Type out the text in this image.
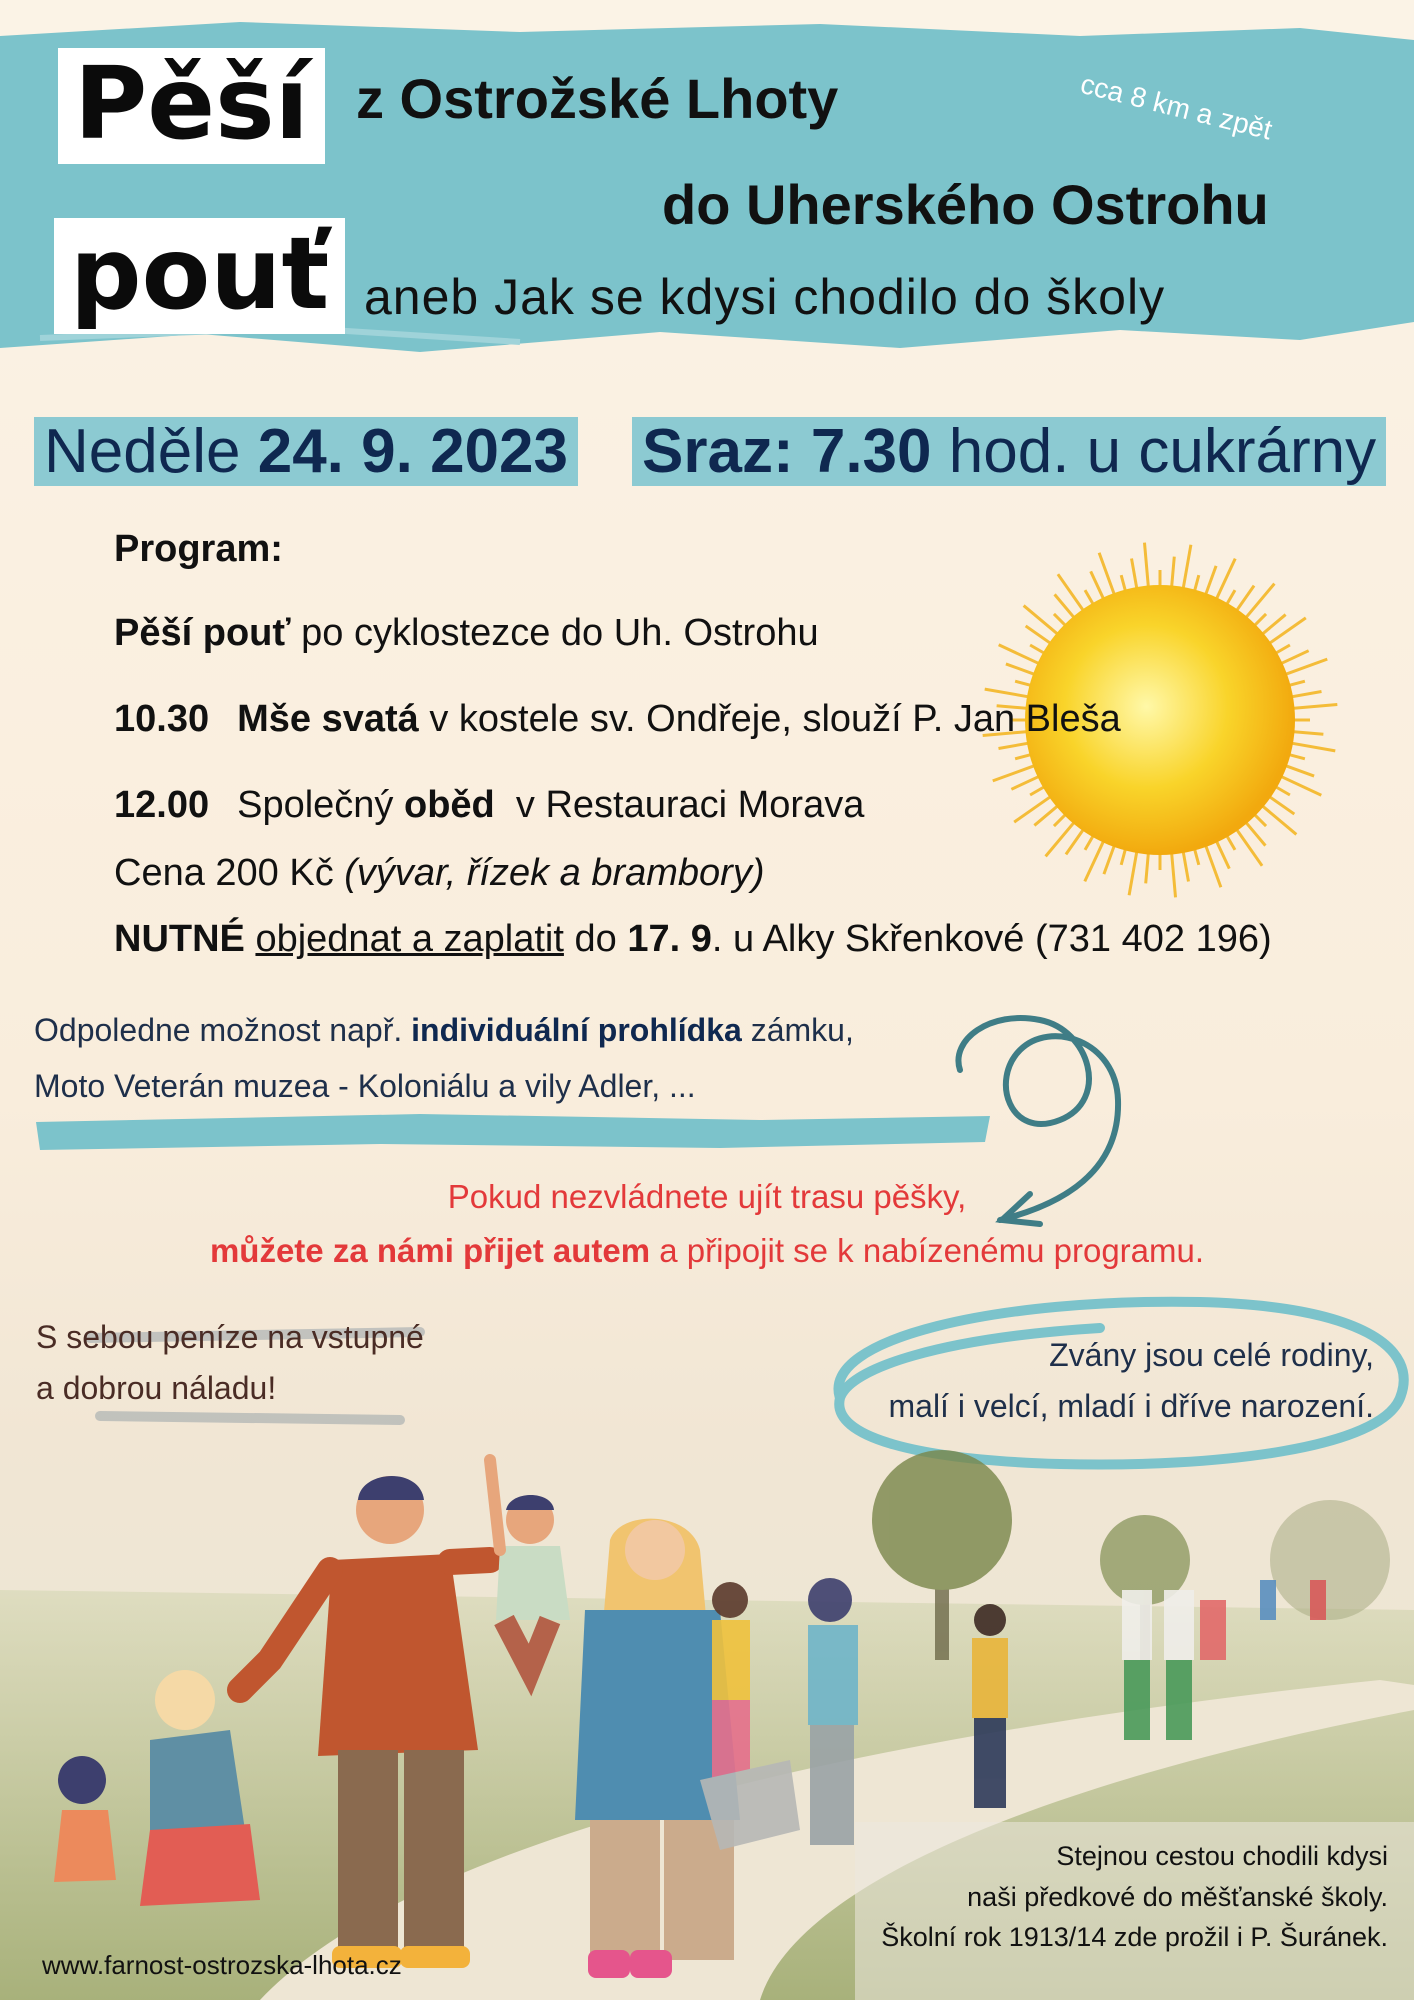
Pěší
pouť
z Ostrožské Lhoty
do Uherského Ostrohu
aneb Jak se kdysi chodilo do školy
cca 8 km a zpět
Neděle 24. 9. 2023 Sraz: 7.30 hod. u cukrárny
Program:
Pěší pouť po cyklostezce do Uh. Ostrohu
10.30 Mše svatá v kostele sv. Ondřeje, slouží P. Jan Bleša
12.00 Společný oběd v Restauraci Morava
Cena 200 Kč (vývar, řízek a brambory)
NUTNÉ objednat a zaplatit do 17. 9. u Alky Skřenkové (731 402 196)
Odpoledne možnost např. individuální prohlídka zámku,
Moto Veterán muzea - Koloniálu a vily Adler, ...
Pokud nezvládnete ujít trasu pěšky,
můžete za námi přijet autem a připojit se k nabízenému programu.
S sebou peníze na vstupné
a dobrou náladu!
Zvány jsou celé rodiny,
malí i velcí, mladí i dříve narození.
Stejnou cestou chodili kdysi
naši předkové do měšťanské školy.
Školní rok 1913/14 zde prožil i P. Šuránek.
www.farnost-ostrozska-lhota.cz
